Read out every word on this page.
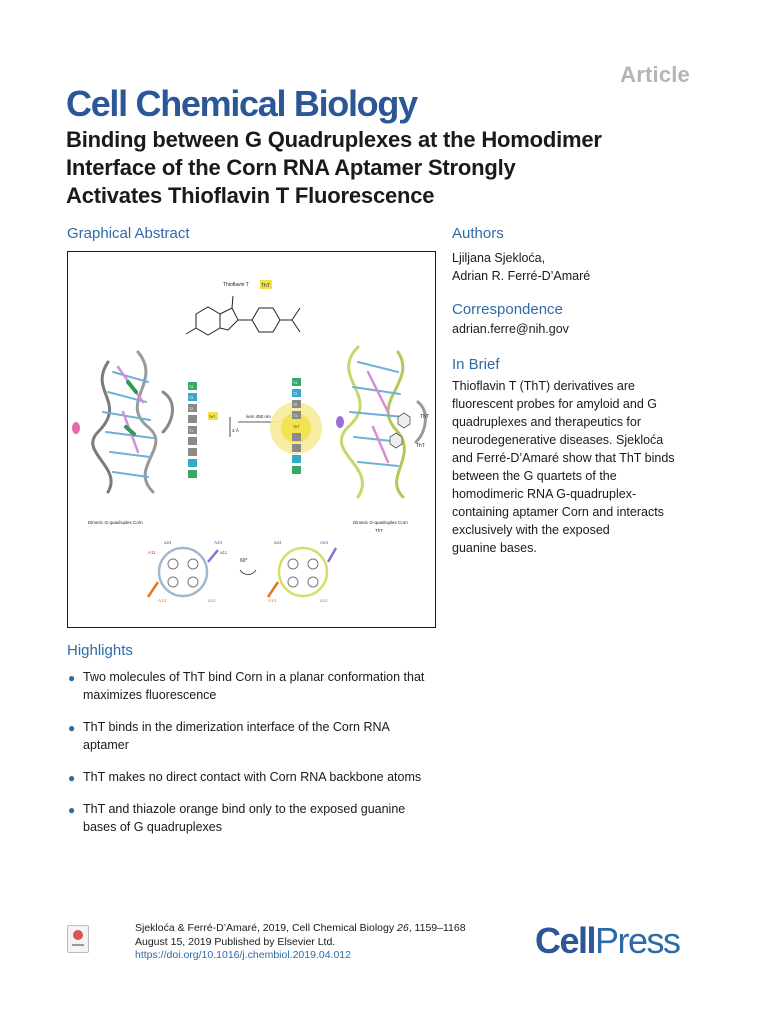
Article
Cell Chemical Biology
Binding between G Quadruplexes at the Homodimer
Interface of the Corn RNA Aptamer Strongly
Activates Thioflavin T Fluorescence
Graphical Abstract
Thioflavin T ThT
ThT
ThT
T4
T3
T2
ThT
T1
λem 450 nm
3 Å
T4
T3
T2
T1
ThT
Dimeric G-quadruplex Corn	Dimeric G-quadruplex Corn
ThT
a24	A24
A11	a11
A14	a14
60°
a24	A24
A14	a14
Authors
Ljiljana Sjekloća,
Adrian R. Ferré-D’Amaré
Correspondence
adrian.ferre@nih.gov
In Brief
Thioflavin T (ThT) derivatives are
fluorescent probes for amyloid and G
quadruplexes and therapeutics for
neurodegenerative diseases. Sjekloća
and Ferré-D’Amaré show that ThT binds
between the G quartets of the
homodimeric RNA G-quadruplex-
containing aptamer Corn and interacts
exclusively with the exposed
guanine bases.
Highlights
● Two molecules of ThT bind Corn in a planar conformation that
maximizes fluorescence
● ThT binds in the dimerization interface of the Corn RNA
aptamer
● ThT makes no direct contact with Corn RNA backbone atoms
● ThT and thiazole orange bind only to the exposed guanine
bases of G quadruplexes
Sjekloća & Ferré-D’Amaré, 2019, Cell Chemical Biology 26, 1159–1168
August 15, 2019 Published by Elsevier Ltd.
https://doi.org/10.1016/j.chembiol.2019.04.012	CellPress
